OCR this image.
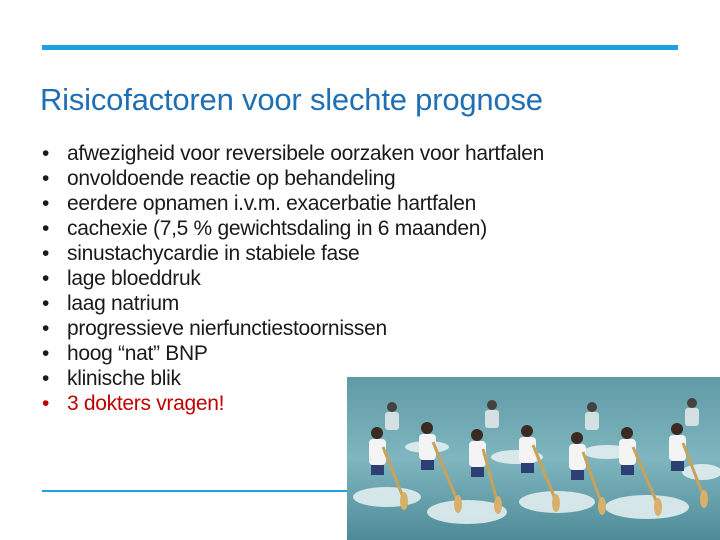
Risicofactoren voor slechte prognose
• afwezigheid voor reversibele oorzaken voor hartfalen
• onvoldoende reactie op behandeling
• eerdere opnamen i.v.m. exacerbatie hartfalen
• cachexie (7,5 % gewichtsdaling in 6 maanden)
• sinustachycardie in stabiele fase
• lage bloeddruk
• laag natrium
• progressieve nierfunctiestoornissen
• hoog “nat” BNP
• klinische blik
• 3 dokters vragen!
